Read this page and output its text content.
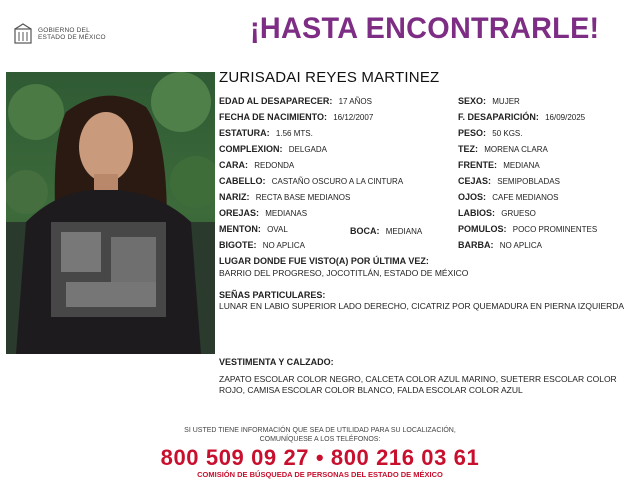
GOBIERNO DEL
ESTADO DE MÉXICO	¡HASTA ENCONTRARLE!
ZURISADAI REYES MARTINEZ
EDAD AL DESAPARECER: 17 AÑOS	SEXO: MUJER
FECHA DE NACIMIENTO: 16/12/2007	F. DESAPARICIÓN: 16/09/2025
ESTATURA: 1.56 MTS.	PESO: 50 KGS.
COMPLEXION: DELGADA	TEZ: MORENA CLARA
CARA: REDONDA	FRENTE: MEDIANA
CABELLO: CASTAÑO OSCURO A LA CINTURA	CEJAS: SEMIPOBLADAS
NARIZ: RECTA BASE MEDIANOS	OJOS: CAFE MEDIANOS
OREJAS: MEDIANAS	LABIOS: GRUESO
MENTON: OVAL	BOCA: MEDIANA	POMULOS: POCO PROMINENTES
BIGOTE: NO APLICA	BARBA: NO APLICA
LUGAR DONDE FUE VISTO(A) POR ÚLTIMA VEZ:
BARRIO DEL PROGRESO, JOCOTITLÁN, ESTADO DE MÉXICO
SEÑAS PARTICULARES:
LUNAR EN LABIO SUPERIOR LADO DERECHO, CICATRIZ POR QUEMADURA EN PIERNA IZQUIERDA
VESTIMENTA Y CALZADO:
ZAPATO ESCOLAR COLOR NEGRO, CALCETA COLOR AZUL MARINO, SUETERR ESCOLAR COLOR ROJO, CAMISA ESCOLAR COLOR BLANCO, FALDA ESCOLAR COLOR AZUL
SI USTED TIENE INFORMACIÓN QUE SEA DE UTILIDAD PARA SU LOCALIZACIÓN,
COMUNÍQUESE A LOS TELÉFONOS:
800 509 09 27 • 800 216 03 61
COMISIÓN DE BÚSQUEDA DE PERSONAS DEL ESTADO DE MÉXICO
